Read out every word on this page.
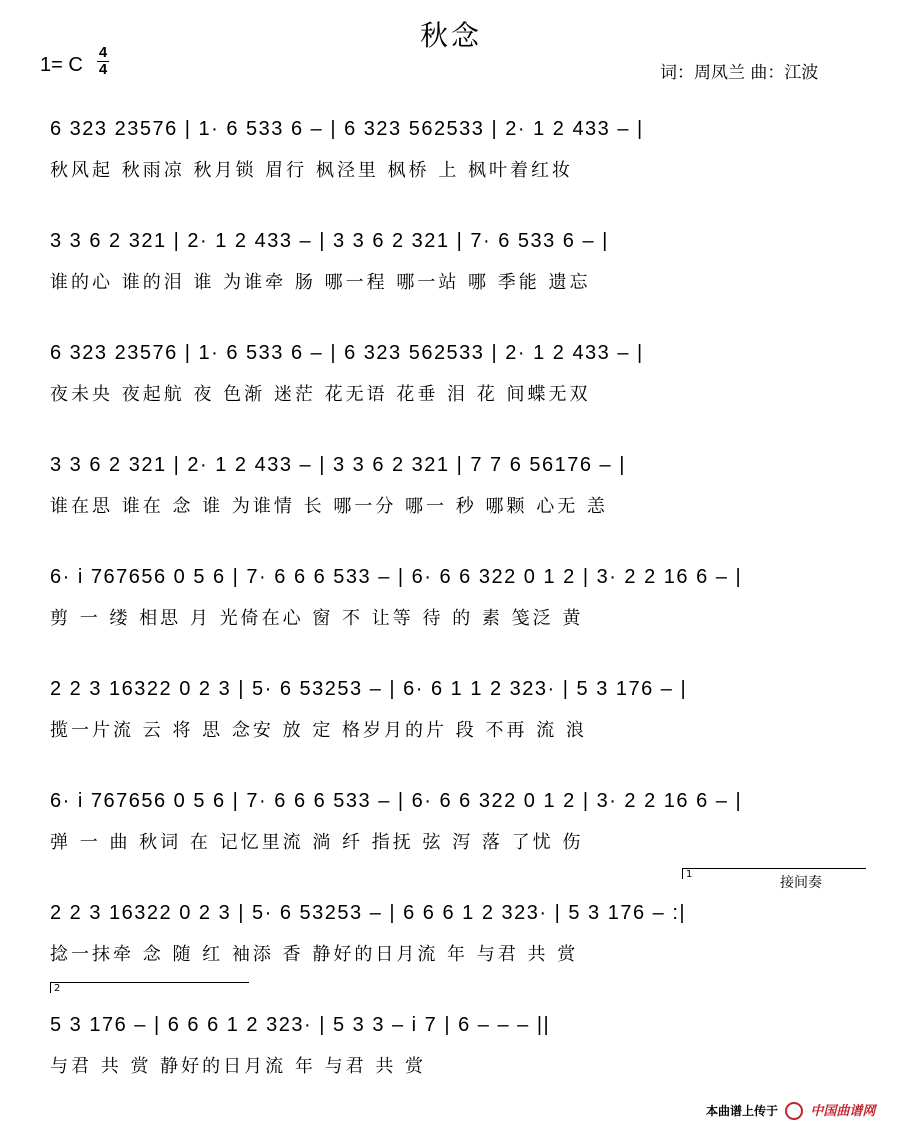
秋念
1= C
4
4	词：周凤兰 曲：江波
6 323 23576 | 1· 6 533 6 – | 6 323 562533 | 2· 1 2 433 – |
秋风起 秋雨凉 秋月锁 眉行 枫泾里 枫桥 上 枫叶着红妆
3 3 6 2 321 | 2· 1 2 433 – | 3 3 6 2 321 | 7· 6 533 6 – |
谁的心 谁的泪 谁 为谁牵 肠 哪一程 哪一站 哪 季能 遗忘
6 323 23576 | 1· 6 533 6 – | 6 323 562533 | 2· 1 2 433 – |
夜未央 夜起航 夜 色渐 迷茫 花无语 花垂 泪 花 间蝶无双
3 3 6 2 321 | 2· 1 2 433 – | 3 3 6 2 321 | 7 7 6 56176 – |
谁在思 谁在 念 谁 为谁情 长 哪一分 哪一 秒 哪颗 心无 恙
6· i 767656 0 5 6 | 7· 6 6 6 533 – | 6· 6 6 322 0 1 2 | 3· 2 2 16 6 – |
剪 一 缕 相思 月 光倚在心 窗 不 让等 待 的 素 笺泛 黄
2 2 3 16322 0 2 3 | 5· 6 53253 – | 6· 6 1 1 2 323· | 5 3 176 – |
揽一片流 云 将 思 念安 放 定 格岁月的片 段 不再 流 浪
6· i 767656 0 5 6 | 7· 6 6 6 533 – | 6· 6 6 322 0 1 2 | 3· 2 2 16 6 – |
弹 一 曲 秋词 在 记忆里流 淌 纤 指抚 弦 泻 落 了忧 伤
1
接间奏
2 2 3 16322 0 2 3 | 5· 6 53253 – | 6 6 6 1 2 323· | 5 3 176 – :|
捻一抹牵 念 随 红 袖添 香 静好的日月流 年 与君 共 赏
2
5 3 176 – | 6 6 6 1 2 323· | 5 3 3 – i 7 | 6 – – – ||
与君 共 赏 静好的日月流 年 与君 共 赏
本曲谱上传于 中国曲谱网
